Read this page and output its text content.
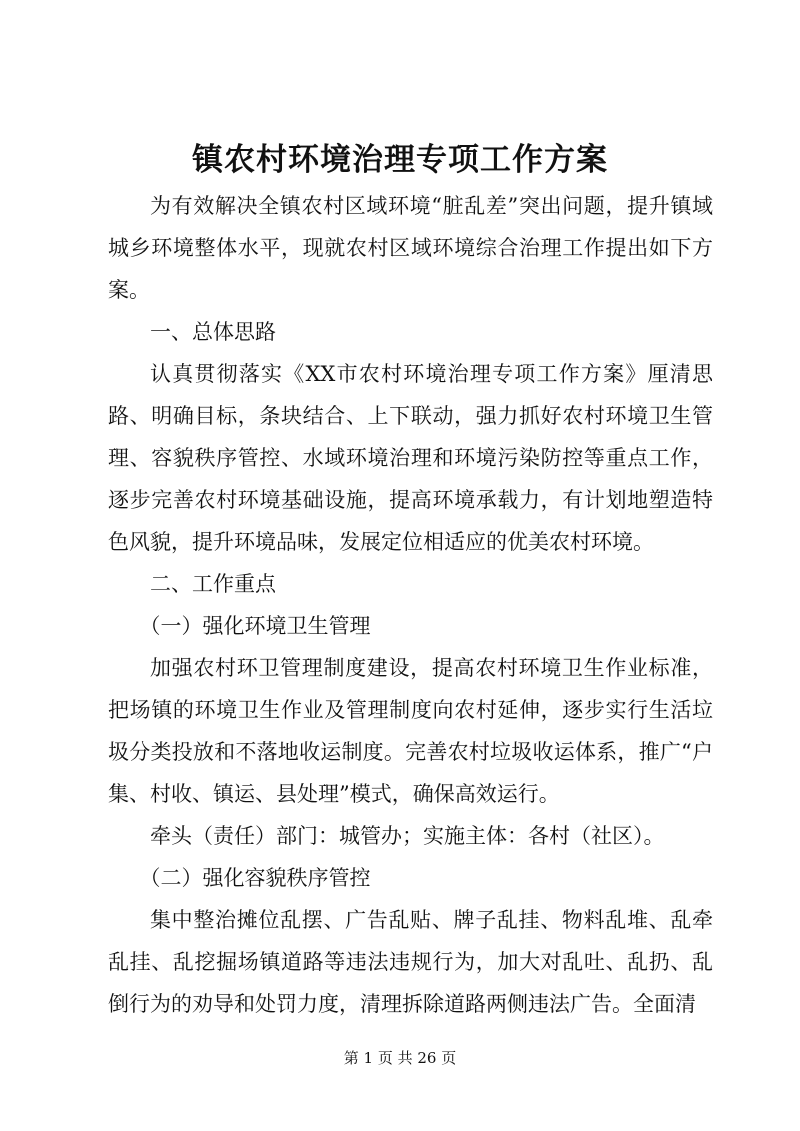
镇农村环境治理专项工作方案

为有效解决全镇农村区域环境“脏乱差”突出问题，提升镇域城乡环境整体水平，现就农村区域环境综合治理工作提出如下方案。

一、总体思路

认真贯彻落实《XX市农村环境治理专项工作方案》厘清思路、明确目标，条块结合、上下联动，强力抓好农村环境卫生管理、容貌秩序管控、水域环境治理和环境污染防控等重点工作，逐步完善农村环境基础设施，提高环境承载力，有计划地塑造特色风貌，提升环境品味，发展定位相适应的优美农村环境。

二、工作重点

（一）强化环境卫生管理

加强农村环卫管理制度建设，提高农村环境卫生作业标准，把场镇的环境卫生作业及管理制度向农村延伸，逐步实行生活垃圾分类投放和不落地收运制度。完善农村垃圾收运体系，推广“户集、村收、镇运、县处理”模式，确保高效运行。

牵头（责任）部门：城管办；实施主体：各村（社区）。

（二）强化容貌秩序管控

集中整治摊位乱摆、广告乱贴、牌子乱挂、物料乱堆、乱牵乱挂、乱挖掘场镇道路等违法违规行为，加大对乱吐、乱扔、乱倒行为的劝导和处罚力度，清理拆除道路两侧违法广告。全面清

第 1 页 共 26 页
